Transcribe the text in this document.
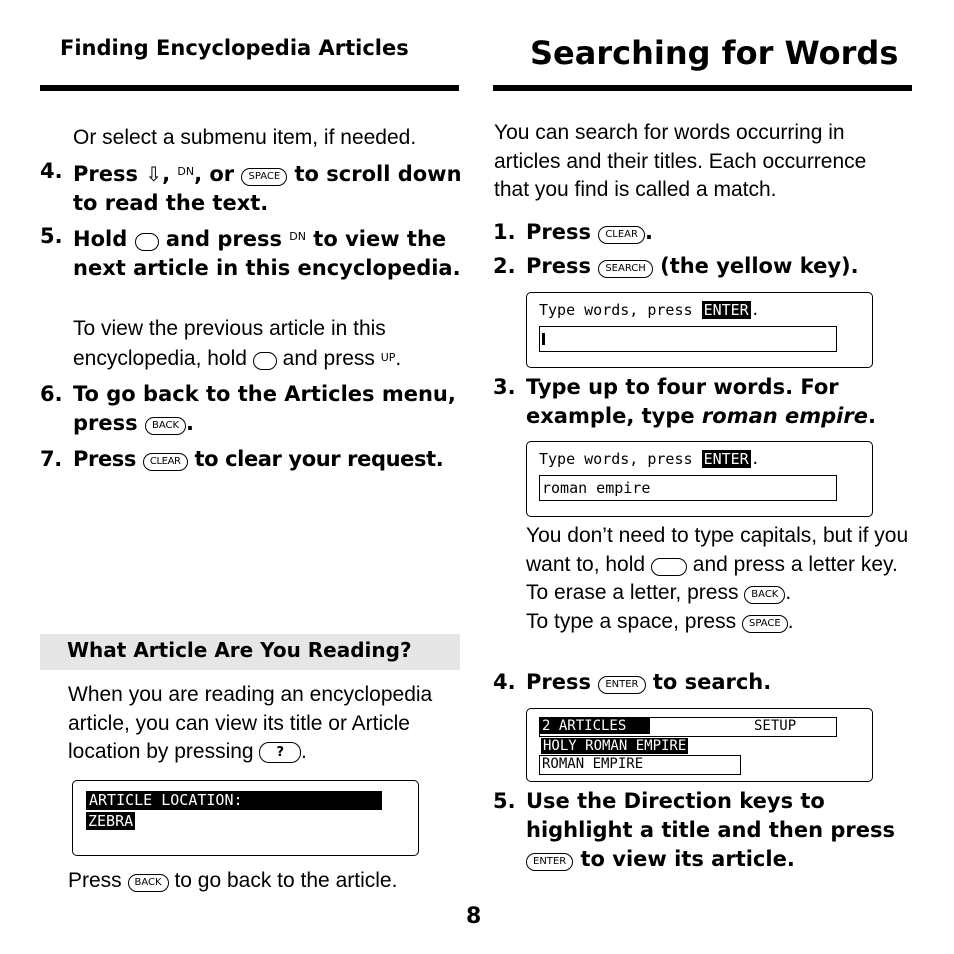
Finding Encyclopedia Articles	Searching for Words
Or select a submenu item, if needed.
4. Press ⇩, $^{DN}$, or SPACE to scroll down to read the text.
5. Hold and press $^{DN}$ to view the next article in this encyclopedia.
To view the previous article in this encyclopedia, hold and press UP.
6. To go back to the Articles menu, press BACK .
7. Press CLEAR to clear your request.
What Article Are You Reading?
When you are reading an encyclopedia article, you can view its title or Article location by pressing ? .
ARTICLE LOCATION:
ZEBRA
Press BACK to go back to the article.
You can search for words occurring in articles and their titles. Each occurrence that you find is called a match.
1. Press CLEAR .
2. Press SEARCH (the yellow key).
Type words, press ENTER .
3. Type up to four words. For example, type roman empire.
Type words, press ENTER .
roman empire
You don’t need to type capitals, but if you want to, hold and press a letter key.
To erase a letter, press BACK .
To type a space, press SPACE .
4. Press ENTER to search.
2 ARTICLES	SETUP
HOLY ROMAN EMPIRE
ROMAN EMPIRE
5. Use the Direction keys to highlight a title and then press ENTER to view its article.
8
